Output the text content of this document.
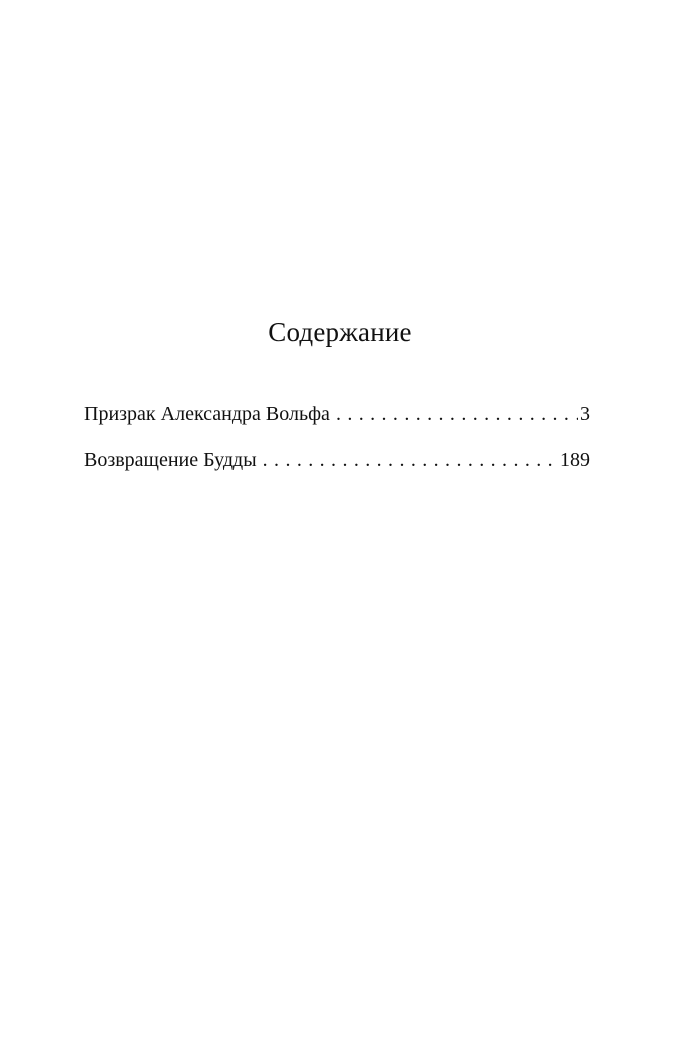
Содержание
Призрак Александра Вольфа . . .	3
Возвращение Будды . . .	189
